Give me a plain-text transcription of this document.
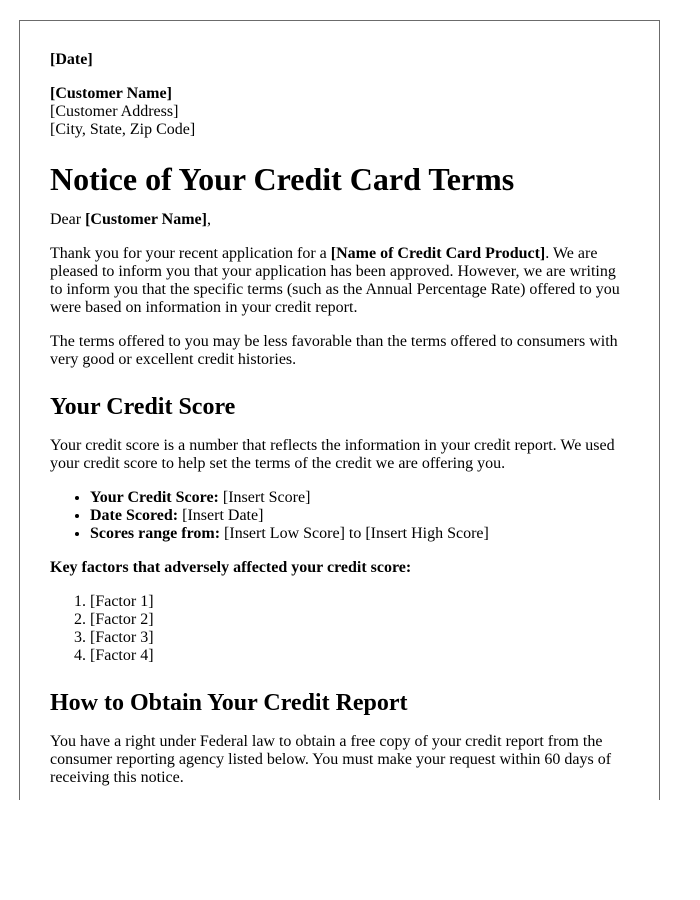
[Date]

[Customer Name]

[Customer Address]

[City, State, Zip Code]

Notice of Your Credit Card Terms

Dear [Customer Name],

Thank you for your recent application for a [Name of Credit Card Product]. We are pleased to inform you that your application has been approved. However, we are writing to inform you that the specific terms (such as the Annual Percentage Rate) offered to you were based on information in your credit report.

The terms offered to you may be less favorable than the terms offered to consumers with very good or excellent credit histories.

Your Credit Score

Your credit score is a number that reflects the information in your credit report. We used your credit score to help set the terms of the credit we are offering you.

• Your Credit Score: [Insert Score]
• Date Scored: [Insert Date]
• Scores range from: [Insert Low Score] to [Insert High Score]

Key factors that adversely affected your credit score:

1. [Factor 1]
2. [Factor 2]
3. [Factor 3]
4. [Factor 4]
How to Obtain Your Credit Report

You have a right under Federal law to obtain a free copy of your credit report from the consumer reporting agency listed below. You must make your request within 60 days of receiving this notice.
